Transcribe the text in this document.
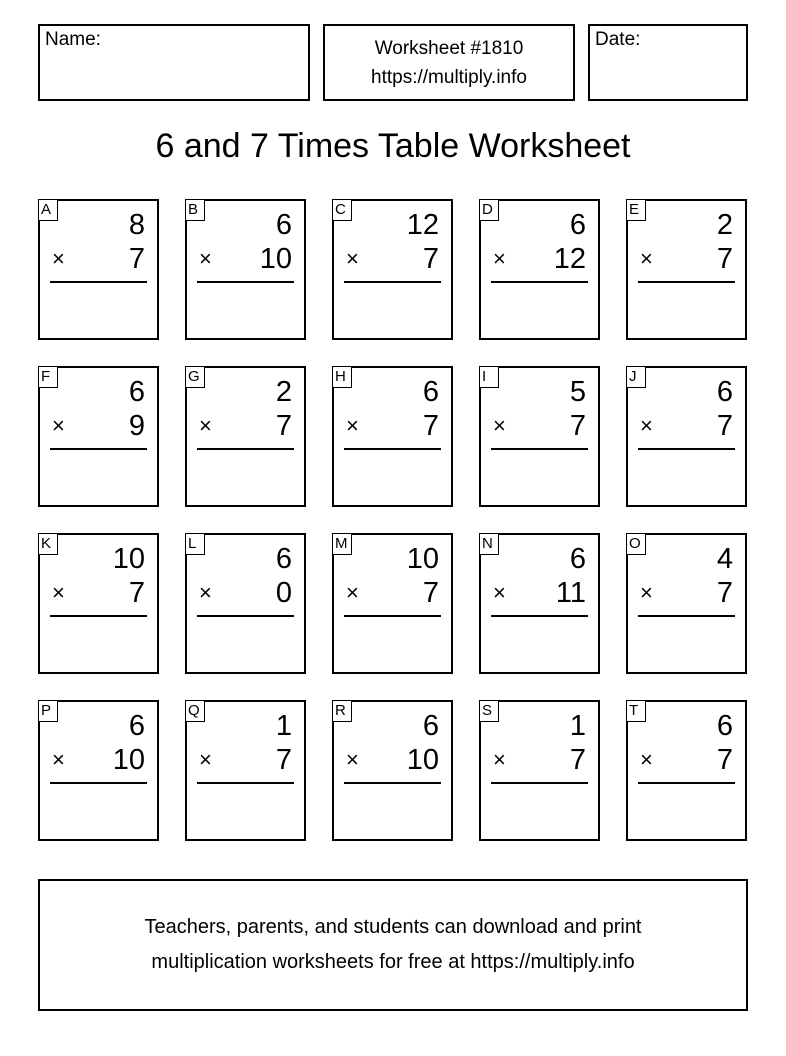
Name:	Worksheet #1810
https://multiply.info
Date:
6 and 7 Times Table Worksheet
A	8
× 7
B	6
× 10
C 12
× 7
D	6
× 12
E	2
× 7
F	6
× 9
G	2
× 7
H	6
× 7
I	5
× 7
J	6
× 7
K 10
× 7
L	6
× 0
M 10
× 7
N	6
× 11
O	4
× 7
P	6
× 10
Q	1
× 7
R	6
× 10
S	1
× 7
T	6
× 7
Teachers, parents, and students can download and print
multiplication worksheets for free at https://multiply.info
